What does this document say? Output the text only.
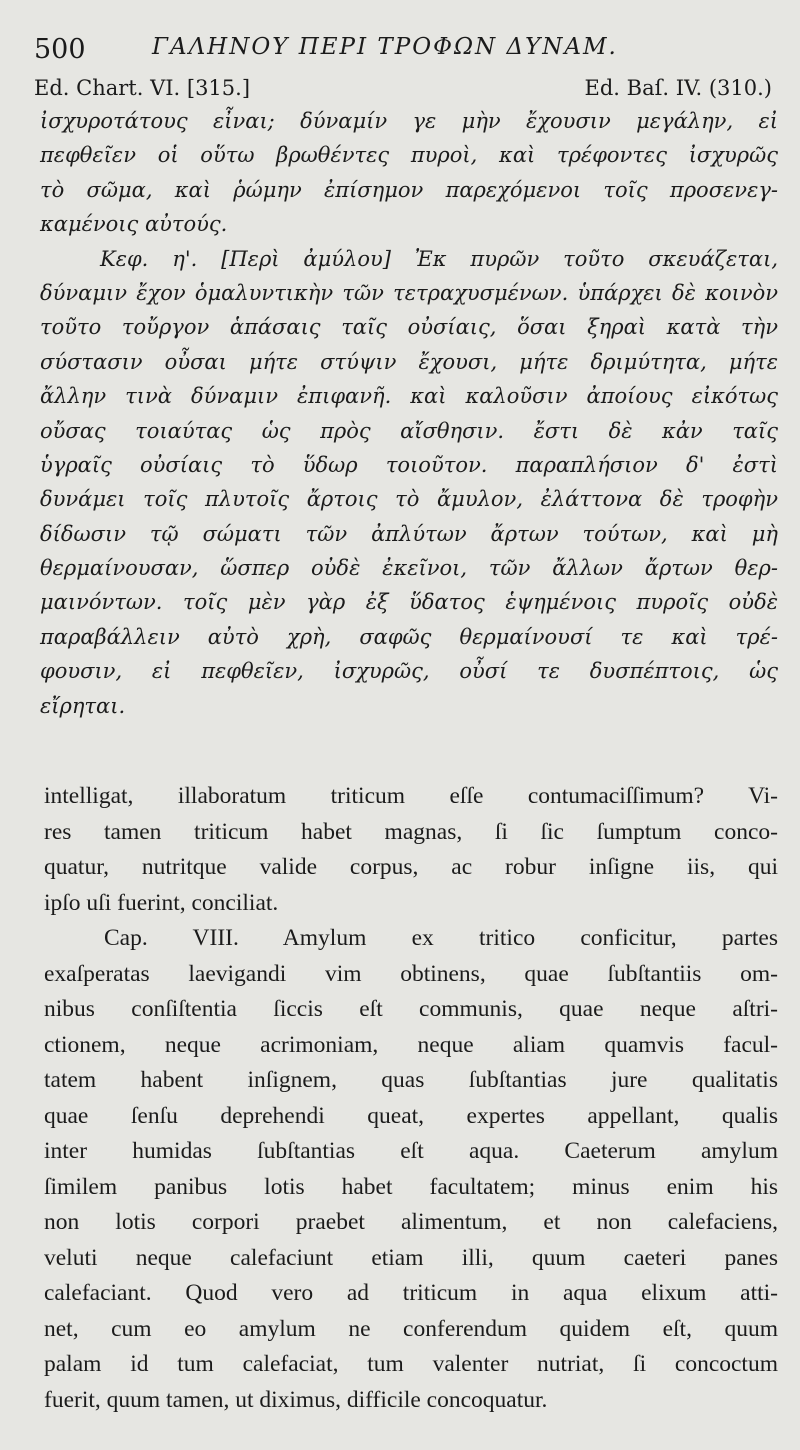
500	ΓΑΛΗΝΟΥ ΠΕΡΙ ΤΡΟΦΩΝ ΔΥΝΑΜ.
Ed. Chart. VI. [315.]	Ed. Baſ. IV. (310.)
ἰσχυροτάτους εἶναι; δύναμίν γε μὴν ἔχουσιν μεγάλην, εἰ
πεφθεῖεν οἱ οὕτω βρωθέντες πυροὶ, καὶ τρέφοντες ἰσχυρῶς
τὸ σῶμα, καὶ ῥώμην ἐπίσημον παρεχόμενοι τοῖς προσενεγ-
καμένοις αὐτούς.
Κεφ. η'. [Περὶ ἀμύλου] Ἐκ πυρῶν τοῦτο σκευάζεται,
δύναμιν ἔχον ὁμαλυντικὴν τῶν τετραχυσμένων. ὑπάρχει δὲ κοινὸν
τοῦτο τοὔργον ἁπάσαις ταῖς οὐσίαις, ὅσαι ξηραὶ κατὰ τὴν
σύστασιν οὖσαι μήτε στύψιν ἔχουσι, μήτε δριμύτητα, μήτε
ἄλλην τινὰ δύναμιν ἐπιφανῆ. καὶ καλοῦσιν ἀποίους εἰκότως
οὔσας τοιαύτας ὡς πρὸς αἴσθησιν. ἔστι δὲ κἀν ταῖς
ὑγραῖς οὐσίαις τὸ ὕδωρ τοιοῦτον. παραπλήσιον δ' ἐστὶ
δυνάμει τοῖς πλυτοῖς ἄρτοις τὸ ἄμυλον, ἐλάττονα δὲ τροφὴν
δίδωσιν τῷ σώματι τῶν ἀπλύτων ἄρτων τούτων, καὶ μὴ
θερμαίνουσαν, ὥσπερ οὐδὲ ἐκεῖνοι, τῶν ἄλλων ἄρτων θερ-
μαινόντων. τοῖς μὲν γὰρ ἐξ ὕδατος ἑψημένοις πυροῖς οὐδὲ
παραβάλλειν αὐτὸ χρὴ, σαφῶς θερμαίνουσί τε καὶ τρέ-
φουσιν, εἰ πεφθεῖεν, ἰσχυρῶς, οὖσί τε δυσπέπτοις, ὡς
εἴρηται.
intelligat, illaboratum triticum eſſe contumaciſſimum? Vi-
res tamen triticum habet magnas, ſi ſic ſumptum conco-
quatur, nutritque valide corpus, ac robur inſigne iis, qui
ipſo uſi fuerint, conciliat.
Cap. VIII. Amylum ex tritico conficitur, partes
exaſperatas laevigandi vim obtinens, quae ſubſtantiis om-
nibus conſiſtentia ſiccis eſt communis, quae neque aſtri-
ctionem, neque acrimoniam, neque aliam quamvis facul-
tatem habent inſignem, quas ſubſtantias jure qualitatis
quae ſenſu deprehendi queat, expertes appellant, qualis
inter humidas ſubſtantias eſt aqua. Caeterum amylum
ſimilem panibus lotis habet facultatem; minus enim his
non lotis corpori praebet alimentum, et non calefaciens,
veluti neque calefaciunt etiam illi, quum caeteri panes
calefaciant. Quod vero ad triticum in aqua elixum atti-
net, cum eo amylum ne conferendum quidem eſt, quum
palam id tum calefaciat, tum valenter nutriat, ſi concoctum
fuerit, quum tamen, ut diximus, difficile concoquatur.
